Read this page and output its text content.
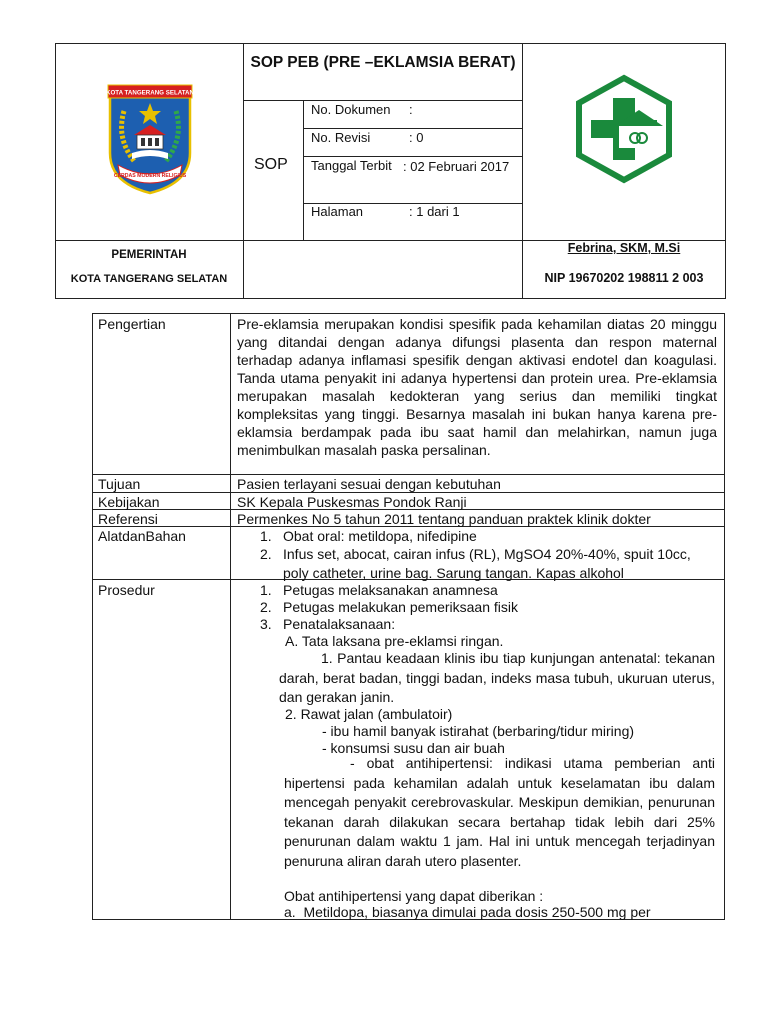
KOTA TANGERANG SELATAN
CERDAS MODERN RELIGIUS
SOP PEB (PRE –EKLAMSIA BERAT)
SOP
No. Dokumen :
No. Revisi	: 0
Tanggal Terbit : 02 Februari 2017
Halaman	: 1 dari 1
PEMERINTAH
KOTA TANGERANG SELATAN
Febrina, SKM, M.Si
NIP 19670202 198811 2 003
Pengertian
Tujuan
Kebijakan
Referensi
AlatdanBahan
Prosedur
Pre-eklamsia merupakan kondisi spesifik pada kehamilan diatas 20 minggu yang ditandai dengan adanya difungsi plasenta dan respon maternal terhadap adanya inflamasi spesifik dengan aktivasi endotel dan koagulasi. Tanda utama penyakit ini adanya hypertensi dan protein urea. Pre-eklamsia merupakan masalah kedokteran yang serius dan memiliki tingkat kompleksitas yang tinggi. Besarnya masalah ini bukan hanya karena pre-eklamsia berdampak pada ibu saat hamil dan melahirkan, namun juga menimbulkan masalah paska persalinan.
Pasien terlayani sesuai dengan kebutuhan
SK Kepala Puskesmas Pondok Ranji
Permenkes No 5 tahun 2011 tentang panduan praktek klinik dokter
1. Obat oral: metildopa, nifedipine
2. Infus set, abocat, cairan infus (RL), MgSO4 20%-40%, spuit 10cc, poly catheter, urine bag. Sarung tangan. Kapas alkohol
1. Petugas melaksanakan anamnesa
2. Petugas melakukan pemeriksaan fisik
3. Penatalaksanaan:
A. Tata laksana pre-eklamsi ringan.
1. Pantau keadaan klinis ibu tiap kunjungan antenatal: tekanan darah, berat badan, tinggi badan, indeks masa tubuh, ukuruan uterus, dan gerakan janin.
2. Rawat jalan (ambulatoir)
- ibu hamil banyak istirahat (berbaring/tidur miring)
- konsumsi susu dan air buah
- obat antihipertensi: indikasi utama pemberian anti hipertensi pada kehamilan adalah untuk keselamatan ibu dalam mencegah penyakit cerebrovaskular. Meskipun demikian, penurunan tekanan darah dilakukan secara bertahap tidak lebih dari 25% penurunan dalam waktu 1 jam. Hal ini untuk mencegah terjadinyan penuruna aliran darah utero plasenter.
Obat antihipertensi yang dapat diberikan :
a.  Metildopa, biasanya dimulai pada dosis 250-500 mg per
